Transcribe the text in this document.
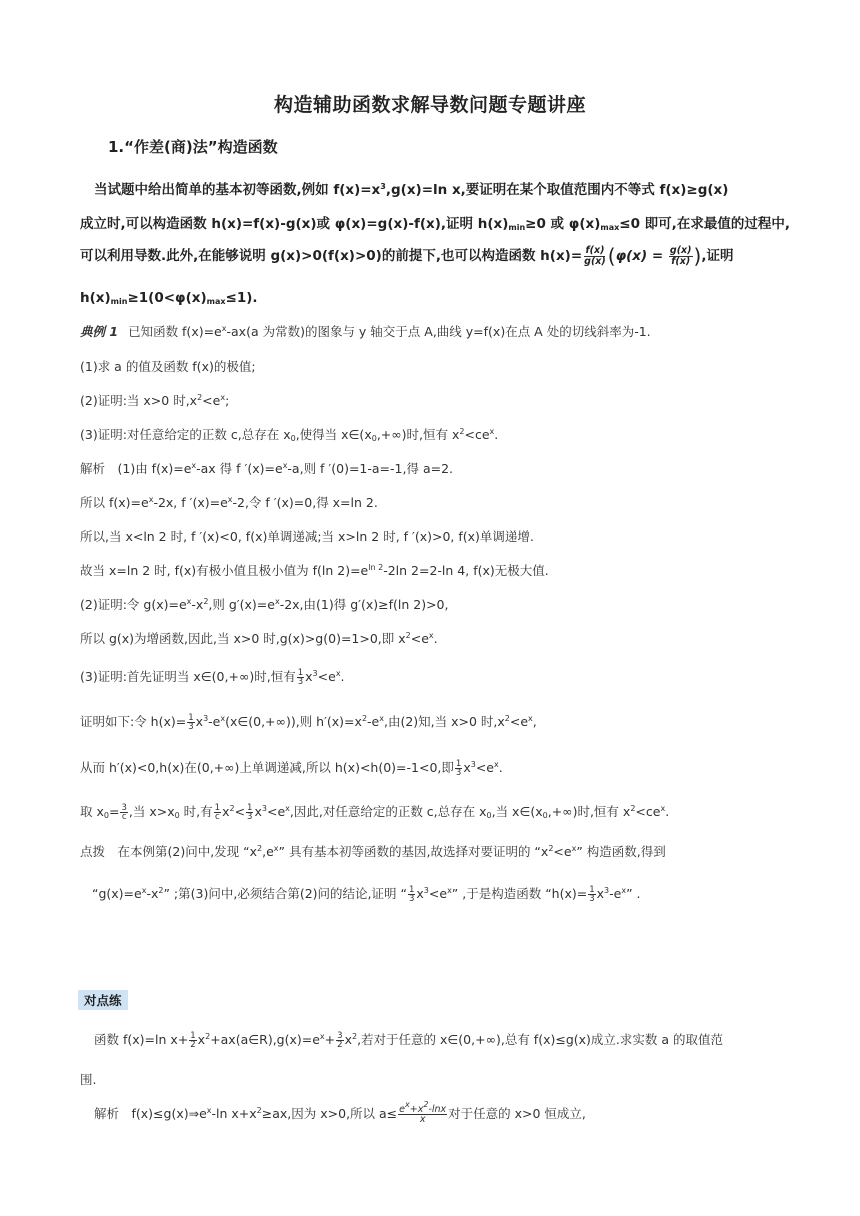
构造辅助函数求解导数问题专题讲座
1.“作差(商)法”构造函数
当试题中给出简单的基本初等函数,例如 $f(x)=x^3,g(x)=\ln$ x,要证明在某个取值范围内不等式 f(x)≥g(x)
成立时,可以构造函数 h(x)=f(x)-g(x)或 φ(x)=g(x)-f(x),证明 $h(x)_{min}\ge 0$ 或 $\varphi(x)_{max}\le 0$ 即可,在求最值的过程中,
可以利用导数.此外,在能够说明 g(x)>0(f(x)>0)的前提下,也可以构造函数 $h(x)= \frac{f(x)}{g(x)} (\varphi(x) = \frac{g(x)}{f(x)}$ ),证明
$h(x)_{min}\ge 1(0<\varphi(x)_{max}\le 1)$.
典例 1 已知函数 $f(x)=e^x-ax(a$ 为常数)的图象与 y 轴交于点 A,曲线 y=f(x)在点 A 处的切线斜率为-1.
(1)求 a 的值及函数 f(x)的极值;
(2)证明:当 x>0 时$,x^2<e^x$;
(3)证明:对任意给定的正数 c,总存在 $x_0$,使得当 $x\in(x_0,+\infty)$时,恒有 $x^2<ce^x$.
解析　(1)由 $f(x)=e^x-ax$ 得 f $'(x)=e^x-a$,则 f ′(0)=1-a=-1,得 a=2.
所以 $f(x)=e^x-2x$, f $'(x)=e^x-2$,令 f ′(x)=0,得 x=ln 2.
所以,当 x<ln 2 时, f ′(x)<0, f(x)单调递减;当 x>ln 2 时, f ′(x)>0, f(x)单调递增.
故当 x=ln 2 时, f(x)有极小值且极小值为 f(ln $2)=e^{ln 2}-2\ln$ 2=2-ln 4, f(x)无极大值.
(2)证明:令 $g(x)=e^x-x^2$,则 $g'(x)=e^x-2x$,由(1)得 g′(x)≥f(ln 2)>0,
所以 g(x)为增函数,因此,当 x>0 时,g(x)>g(0)=1>0,即 $x^2<e^x$.
(3)证明:首先证明当 x∈(0,+∞)时,恒有 $\frac{1}{3} x^3<e^x$.
证明如下:令 $h(x)= \frac{1}{3}$ $x^3-e^x(x\in(0,+\infty))$,则 $h'(x)=x^2-e^x$,由(2)知,当 x>0 时$,x^2<e^x$,
从而 h′(x)<0,h(x)在(0,+∞)上单调递减,所以 h(x)<h(0)=-1<0,即 $\frac{1}{3} x^3<e^x$.
取 $x_0= \frac{3}{c}$ ,当 $x>x_0$ 时,有 $\frac{1}{c} x^2< \frac{1}{3} x^3<e^x$,因此,对任意给定的正数 c,总存在 $x_0$,当 $x\in(x_0,+\infty)$时,恒有 $x^2<ce^x$.
点拨　在本例第(2)问中,发现 “$x^2,e^x$” 具有基本初等函数的基因,故选择对要证明的 “$x^2<e^x$” 构造函数,得到
“$g(x)=e^x-x^2$” ;第(3)问中,必须结合第(2)问的结论,证明 “ $\frac{1}{3} x^3<e^x$” ,于是构造函数 “$h(x)= \frac{1}{3} x^3-e^x$” .
对点练
函数 f(x)=ln $x+ \frac{1}{2}$ $x^2+ax(a\in R),g(x)=e^x+ \frac{3}{2} x^2$,若对于任意的 x∈(0,+∞),总有 f(x)≤g(x)成立.求实数 a 的取值范
围.
解析　$f(x)\le g(x)\Rightarrow e^x-\ln$ $x+x^2\ge ax$,因为 x>0,所以 $a\le \frac{e^x+x^2-\ln x}{x}$ 对于任意的 x>0 恒成立,
